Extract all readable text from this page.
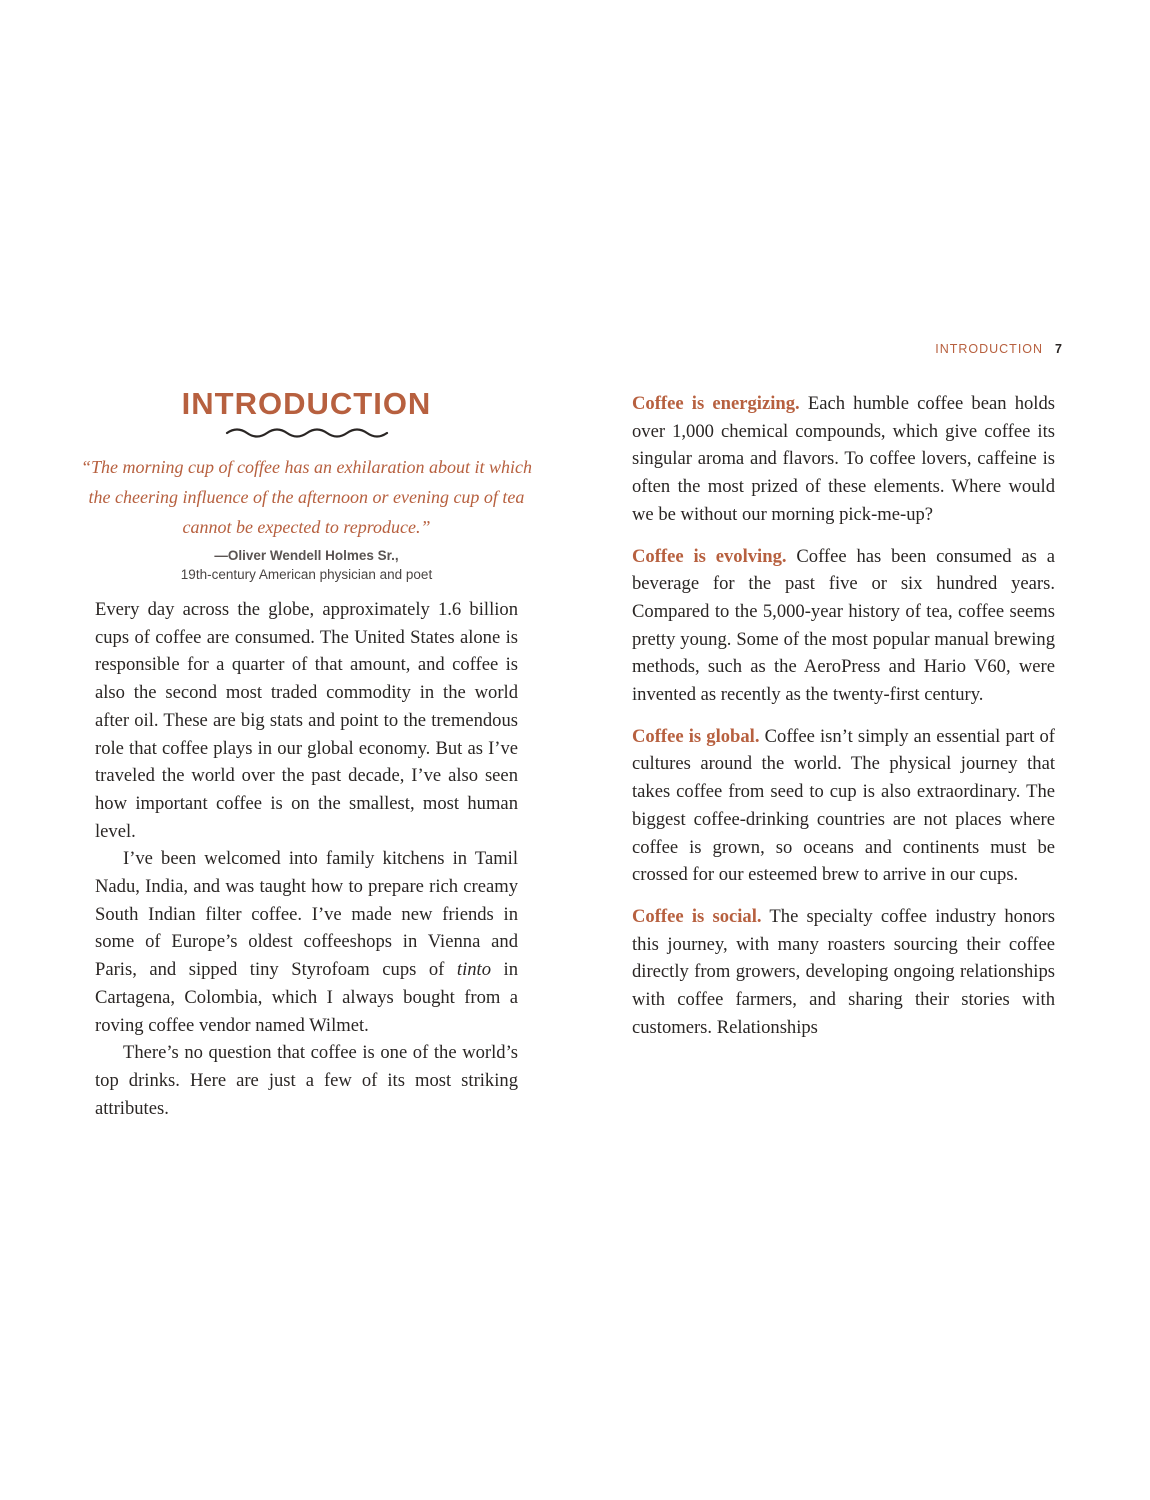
INTRODUCTION 7
INTRODUCTION
“The morning cup of coffee has an exhilaration about it which the cheering influence of the afternoon or evening cup of tea cannot be expected to reproduce.”
—Oliver Wendell Holmes Sr.,
19th-century American physician and poet

Every day across the globe, approximately 1.6 billion cups of coffee are consumed. The United States alone is responsible for a quarter of that amount, and coffee is also the second most traded commodity in the world after oil. These are big stats and point to the tremendous role that coffee plays in our global economy. But as I’ve traveled the world over the past decade, I’ve also seen how important coffee is on the smallest, most human level.

I’ve been welcomed into family kitchens in Tamil Nadu, India, and was taught how to prepare rich creamy South Indian filter coffee. I’ve made new friends in some of Europe’s oldest coffeeshops in Vienna and Paris, and sipped tiny Styrofoam cups of tinto in Cartagena, Colombia, which I always bought from a roving coffee vendor named Wilmet.

There’s no question that coffee is one of the world’s top drinks. Here are just a few of its most striking attributes.

Coffee is energizing. Each humble coffee bean holds over 1,000 chemical compounds, which give coffee its singular aroma and flavors. To coffee lovers, caffeine is often the most prized of these elements. Where would we be without our morning pick-me-up?

Coffee is evolving. Coffee has been consumed as a beverage for the past five or six hundred years. Compared to the 5,000-year history of tea, coffee seems pretty young. Some of the most popular manual brewing methods, such as the AeroPress and Hario V60, were invented as recently as the twenty-first century.

Coffee is global. Coffee isn’t simply an essential part of cultures around the world. The physical journey that takes coffee from seed to cup is also extraordinary. The biggest coffee-drinking countries are not places where coffee is grown, so oceans and continents must be crossed for our esteemed brew to arrive in our cups.

Coffee is social. The specialty coffee industry honors this journey, with many roasters sourcing their coffee directly from growers, developing ongoing relationships with coffee farmers, and sharing their stories with customers. Relationships
